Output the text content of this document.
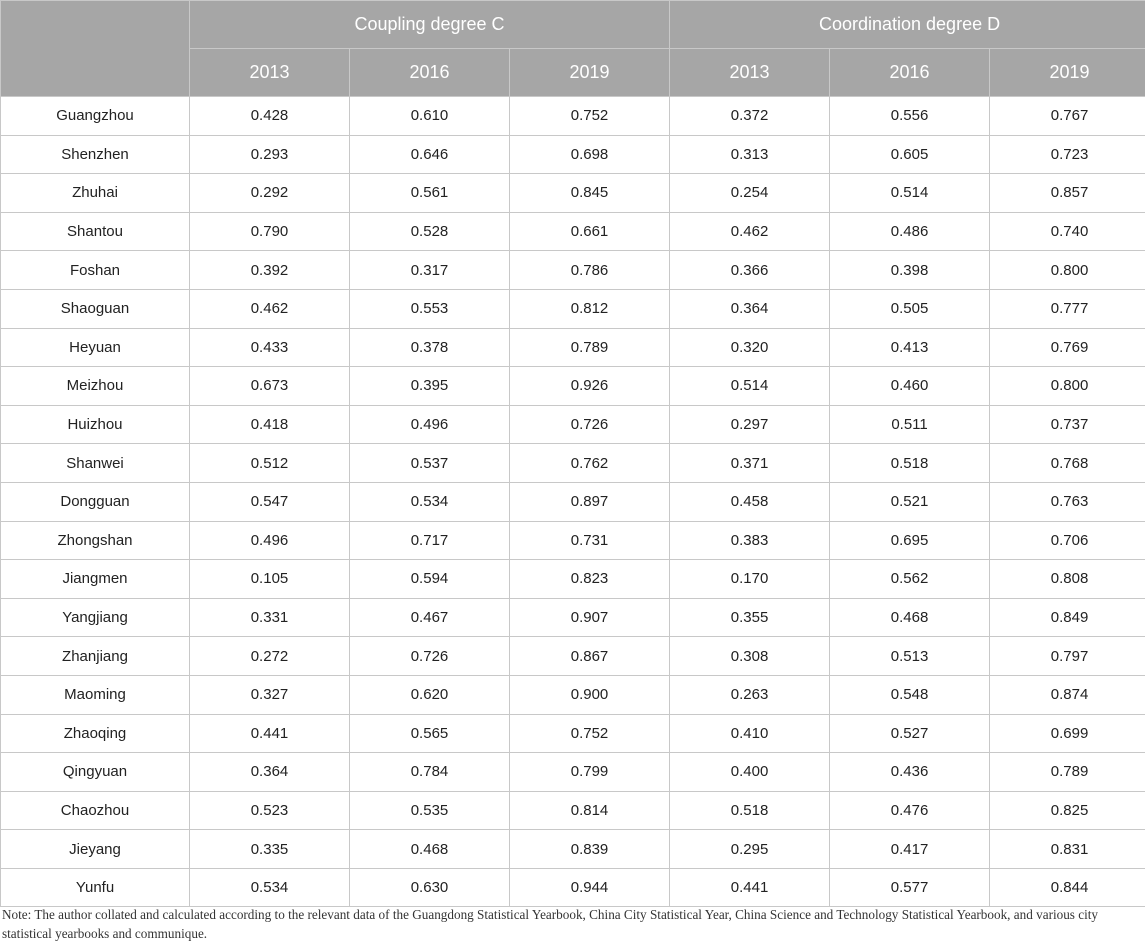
	Coupling degree C			Coordination degree D		
	2013	2016	2019	2013	2016	2019
Guangzhou	0.428	0.610	0.752	0.372	0.556	0.767
Shenzhen	0.293	0.646	0.698	0.313	0.605	0.723
Zhuhai	0.292	0.561	0.845	0.254	0.514	0.857
Shantou	0.790	0.528	0.661	0.462	0.486	0.740
Foshan	0.392	0.317	0.786	0.366	0.398	0.800
Shaoguan	0.462	0.553	0.812	0.364	0.505	0.777
Heyuan	0.433	0.378	0.789	0.320	0.413	0.769
Meizhou	0.673	0.395	0.926	0.514	0.460	0.800
Huizhou	0.418	0.496	0.726	0.297	0.511	0.737
Shanwei	0.512	0.537	0.762	0.371	0.518	0.768
Dongguan	0.547	0.534	0.897	0.458	0.521	0.763
Zhongshan	0.496	0.717	0.731	0.383	0.695	0.706
Jiangmen	0.105	0.594	0.823	0.170	0.562	0.808
Yangjiang	0.331	0.467	0.907	0.355	0.468	0.849
Zhanjiang	0.272	0.726	0.867	0.308	0.513	0.797
Maoming	0.327	0.620	0.900	0.263	0.548	0.874
Zhaoqing	0.441	0.565	0.752	0.410	0.527	0.699
Qingyuan	0.364	0.784	0.799	0.400	0.436	0.789
Chaozhou	0.523	0.535	0.814	0.518	0.476	0.825
Jieyang	0.335	0.468	0.839	0.295	0.417	0.831
Yunfu	0.534	0.630	0.944	0.441	0.577	0.844

Note: The author collated and calculated according to the relevant data of the Guangdong Statistical Yearbook, China City Statistical Year, China Science and Technology Statistical Yearbook, and various city statistical yearbooks and communique.
